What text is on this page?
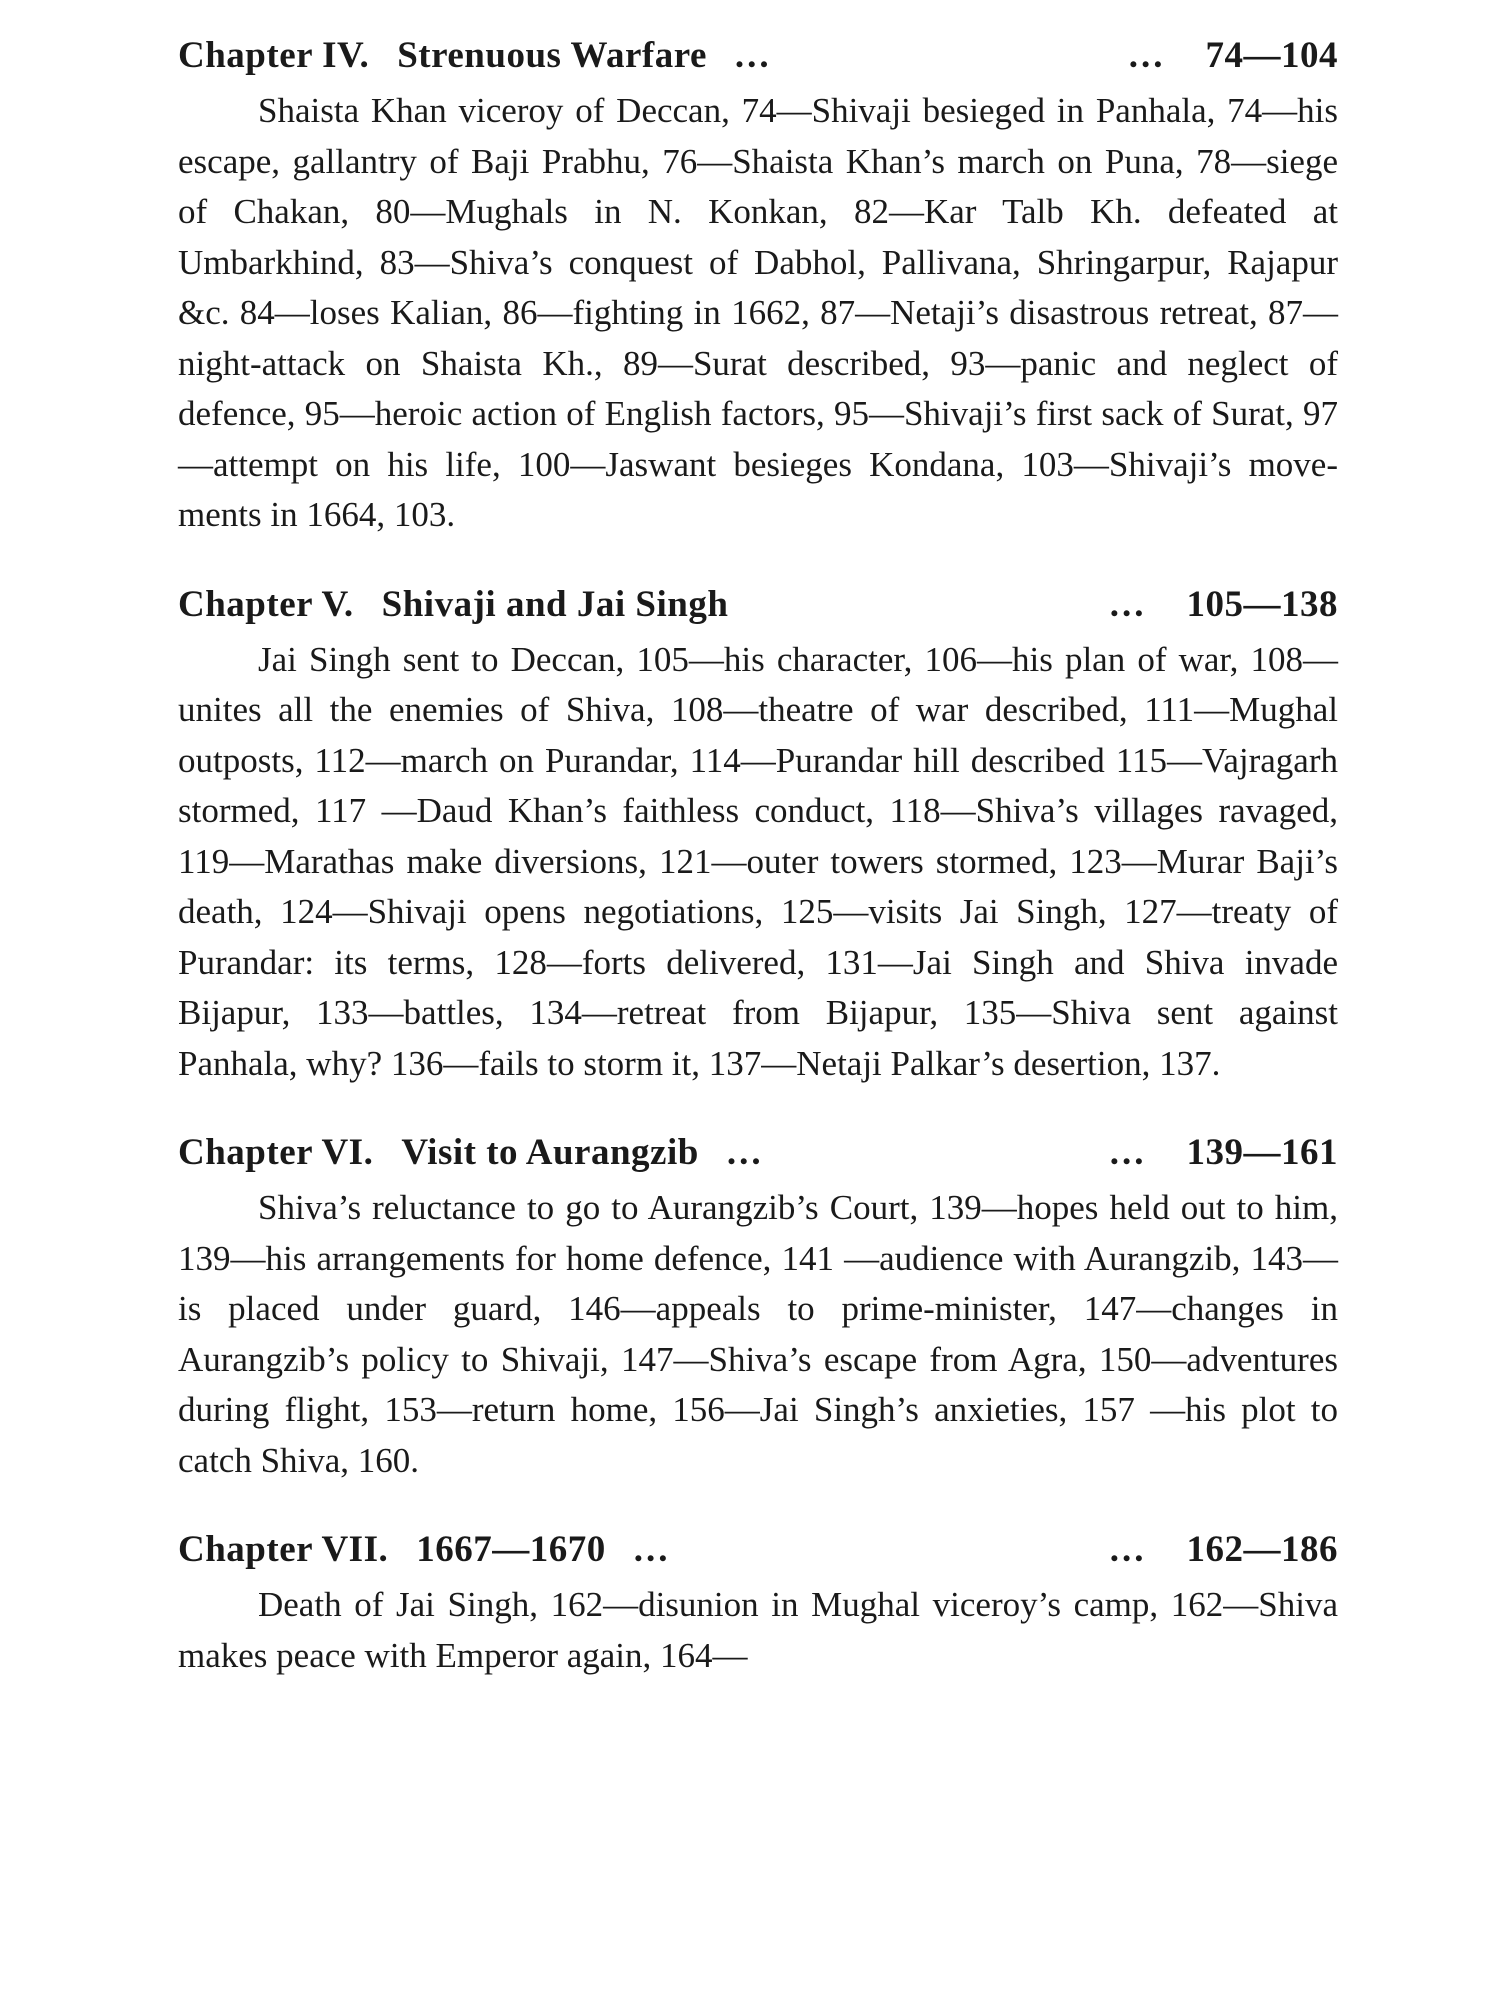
Chapter IV. Strenuous Warfare ...	... 74—104

Shaista Khan viceroy of Deccan, 74—Shivaji besieged in Panhala, 74—his escape, gallantry of Baji Prabhu, 76—Shaista Khan’s march on Puna, 78—siege of Chakan, 80—Mughals in N. Konkan, 82—Kar Talb Kh. defeated at Umbarkhind, 83—Shiva’s conquest of Dabhol, Pallivana, Shringarpur, Rajapur &c. 84—loses Kalian, 86—fighting in 1662, 87—Netaji’s disastrous retreat, 87—night-attack on Shaista Kh., 89—Surat described, 93—panic and neglect of defence, 95—heroic action of English factors, 95—Shivaji’s first sack of Surat, 97—attempt on his life, 100—Jaswant besieges Kondana, 103—Shivaji’s movements in 1664, 103.

Chapter V. Shivaji and Jai Singh	... 105—138

Jai Singh sent to Deccan, 105—his character, 106—his plan of war, 108—unites all the enemies of Shiva, 108—theatre of war described, 111—Mughal outposts, 112—march on Purandar, 114—Purandar hill described 115—Vajragarh stormed, 117 —Daud Khan’s faithless conduct, 118—Shiva’s villages ravaged, 119—Marathas make diversions, 121—outer towers stormed, 123—Murar Baji’s death, 124—Shivaji opens negotiations, 125—visits Jai Singh, 127—treaty of Purandar: its terms, 128—forts delivered, 131—Jai Singh and Shiva invade Bijapur, 133—battles, 134—retreat from Bijapur, 135—Shiva sent against Panhala, why? 136—fails to storm it, 137—Netaji Palkar’s desertion, 137.

Chapter VI. Visit to Aurangzib ...	... 139—161

Shiva’s reluctance to go to Aurangzib’s Court, 139—hopes held out to him, 139—his arrangements for home defence, 141 —audience with Aurangzib, 143—is placed under guard, 146—appeals to prime-minister, 147—changes in Aurangzib’s policy to Shivaji, 147—Shiva’s escape from Agra, 150—adventures during flight, 153—return home, 156—Jai Singh’s anxieties, 157 —his plot to catch Shiva, 160.

Chapter VII. 1667—1670 ...	... 162—186

Death of Jai Singh, 162—disunion in Mughal viceroy’s camp, 162—Shiva makes peace with Emperor again, 164—
